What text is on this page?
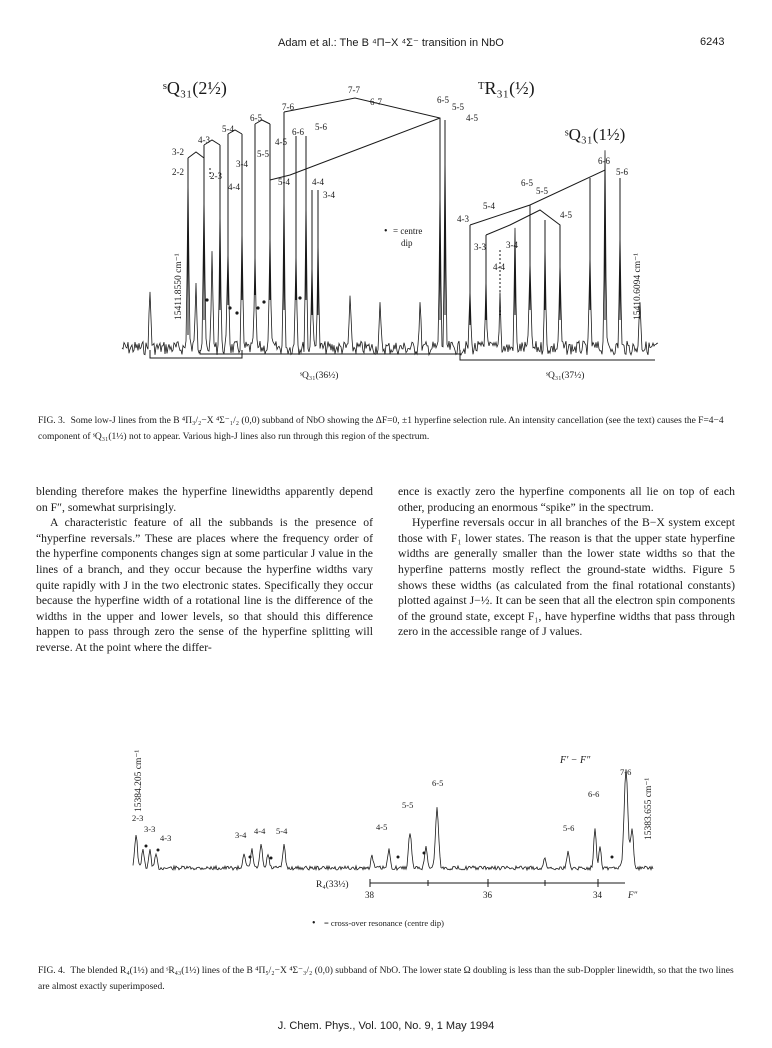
Adam et al.: The B ⁴Π−X ⁴Σ⁻ transition in NbO	6243
ˢQ₃₁(2½)	ᵀR₃₁(½)
ˢQ₃₁(1½)
7-7
6-7
7-6
6-5
5-4
4-3
3-2
2-2	2-3
3-4
4-4
6-6 5-6
4-5
5-5
5-4 4-4
3-4
6-5
5-5
4-5
4-3
5-4
3-3 3-4
4-4
6-5
5-5
4-5
6-6
5-6
15411.8550 cm⁻¹	15410.6094 cm⁻¹
• = centre
dip
ˢQ₃₁(36½)	ˢQ₃₁(37½)
FIG. 3. Some low-J lines from the B ⁴Π₃/₂−X ⁴Σ⁻₁/₂ (0,0) subband of NbO showing the ΔF=0, ±1 hyperfine selection rule. An intensity cancellation (see the text) causes the F=4−4 component of ˢQ₃₁(1½) not to appear. Various high-J lines also run through this region of the spectrum.

blending therefore makes the hyperfine linewidths apparently depend on F″, somewhat surprisingly.

A characteristic feature of all the subbands is the presence of “hyperfine reversals.” These are places where the frequency order of the hyperfine components changes sign at some particular J value in the lines of a branch, and they occur because the hyperfine widths vary quite rapidly with J in the two electronic states. Specifically they occur because the hyperfine width of a rotational line is the difference of the widths in the upper and lower levels, so that should this difference happen to pass through zero the sense of the hyperfine splitting will reverse. At the point where the differ-

ence is exactly zero the hyperfine components all lie on top of each other, producing an enormous “spike” in the spectrum.

Hyperfine reversals occur in all branches of the B−X system except those with F₁ lower states. The reason is that the upper state hyperfine widths are generally smaller than the lower state widths so that the hyperfine patterns mostly reflect the ground-state widths. Figure 5 shows these widths (as calculated from the final rotational constants) plotted against J−½. It can be seen that all the electron spin components of the ground state, except F₁, have hyperfine widths that pass through zero in the accessible range of J values.

15384.205 cm⁻¹	15383.655 cm⁻¹
F′ − F″
2-3
3-3
4-3	3-4 4-4 5-4	4-5
5-5
6-5
5-6
6-6
7-6
R₄(33½)
38	36	34	F″
• = cross-over resonance (centre dip)
FIG. 4. The blended R₄(1½) and ˢR₄₃(1½) lines of the B ⁴Π₅/₂−X ⁴Σ⁻₃/₂ (0,0) subband of NbO. The lower state Ω doubling is less than the sub-Doppler linewidth, so that the two lines are almost exactly superimposed.
J. Chem. Phys., Vol. 100, No. 9, 1 May 1994
